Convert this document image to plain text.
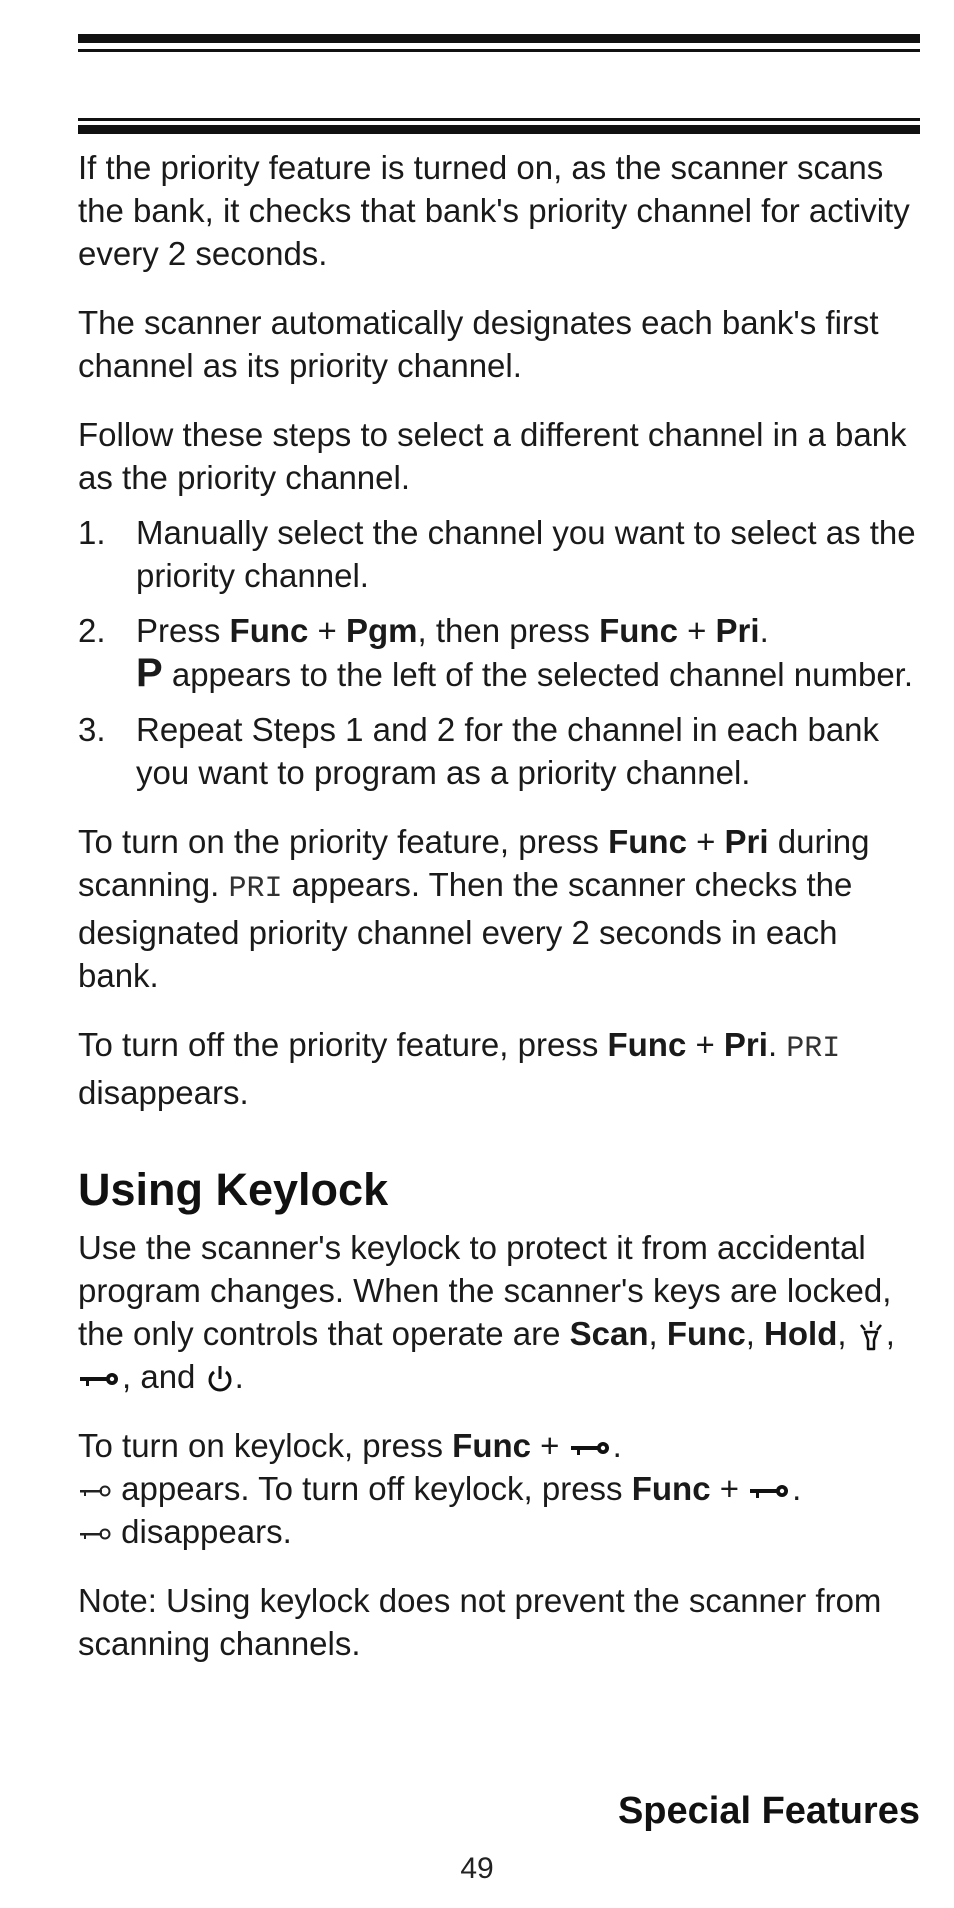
If the priority feature is turned on, as the scanner scans the bank, it checks that bank's priority channel for activity every 2 seconds.

The scanner automatically designates each bank's first channel as its priority channel.

Follow these steps to select a different channel in a bank as the priority channel.

1. Manually select the channel you want to select as the priority channel.
2. Press Func + Pgm, then press Func + Pri.
P appears to the left of the selected channel number.
3. Repeat Steps 1 and 2 for the channel in each bank you want to program as a priority channel.

To turn on the priority feature, press Func + Pri during scanning. PRI appears. Then the scanner checks the designated priority channel every 2 seconds in each bank.

To turn off the priority feature, press Func + Pri. PRI disappears.

Using Keylock

Use the scanner's keylock to protect it from accidental program changes. When the scanner's keys are locked, the only controls that operate are Scan, Func, Hold,
,
, and
.

To turn on keylock, press Func +
.

appears. To turn off keylock, press Func +
.

disappears.

Note: Using keylock does not prevent the scanner from scanning channels.

Special Features
49
